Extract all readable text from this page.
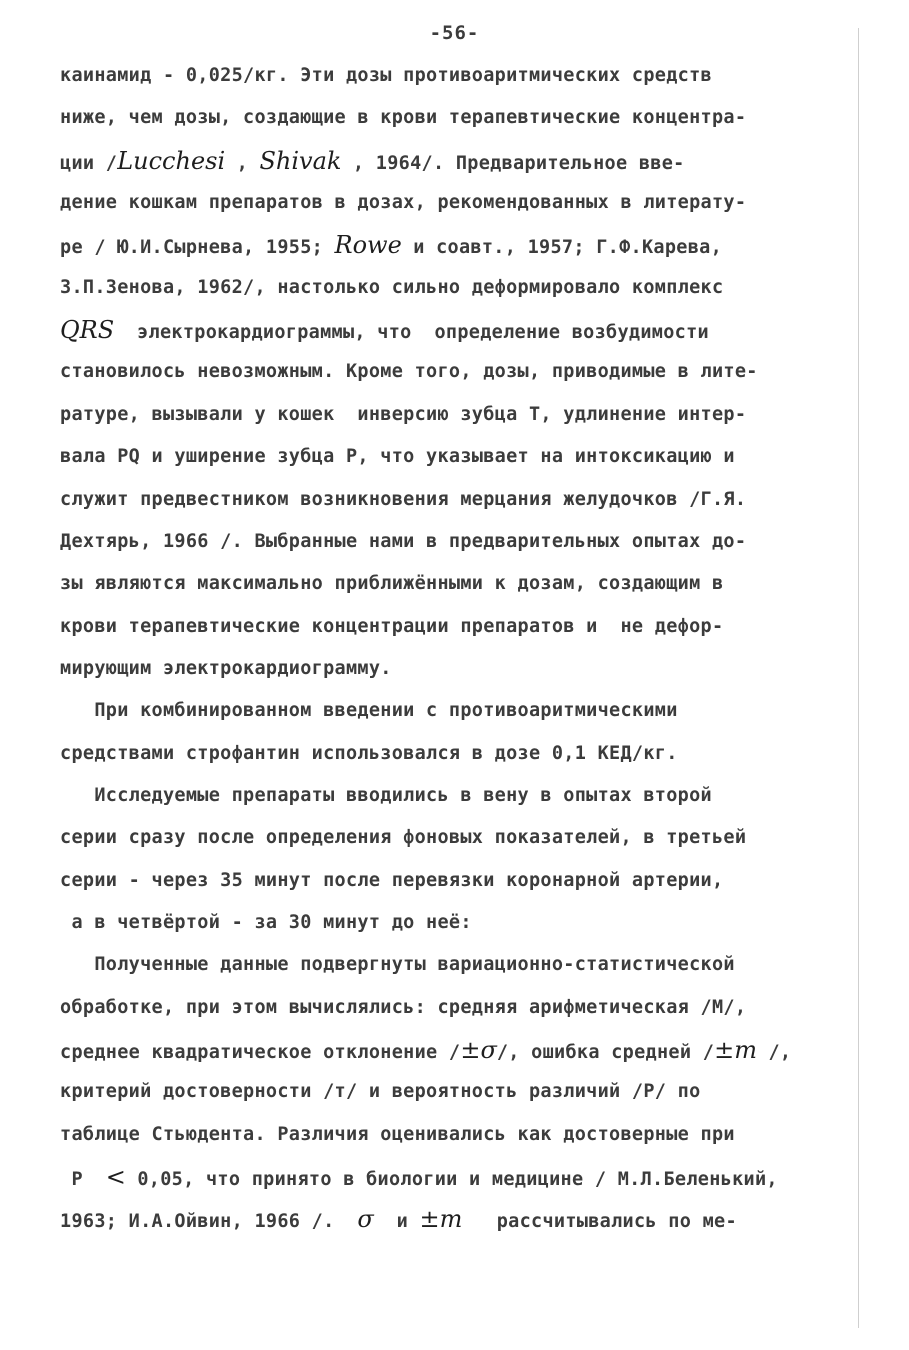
-56-
каинамид - 0,025/кг. Эти дозы противоаритмических средств
ниже, чем дозы, создающие в крови терапевтические концентра-
ции /Lucchesi , Shivak , 1964/. Предварительное вве-
дение кошкам препаратов в дозах, рекомендованных в литерату-
ре / Ю.И.Сырнева, 1955; Rowe и соавт., 1957; Г.Ф.Карева,
З.П.Зенова, 1962/, настолько сильно деформировало комплекс
QRS  электрокардиограммы, что  определение возбудимости
становилось невозможным. Кроме того, дозы, приводимые в лите-
ратуре, вызывали у кошек  инверсию зубца Т, удлинение интер-
вала PQ и уширение зубца Р, что указывает на интоксикацию и
служит предвестником возникновения мерцания желудочков /Г.Я.
Дехтярь, 1966 /. Выбранные нами в предварительных опытах до-
зы являются максимально приближёнными к дозам, создающим в
крови терапевтические концентрации препаратов и  не дефор-
мирующим электрокардиограмму.
При комбинированном введении с противоаритмическими
средствами строфантин использовался в дозе 0,1 КЕД/кг.
Исследуемые препараты вводились в вену в опытах второй
серии сразу после определения фоновых показателей, в третьей
серии - через 35 минут после перевязки коронарной артерии,
а в четвёртой - за 30 минут до неё:
Полученные данные подвергнуты вариационно-статистической
обработке, при этом вычислялись: средняя арифметическая /М/,
среднее квадратическое отклонение /±σ/, ошибка средней /±m /,
критерий достоверности /т/ и вероятность различий /Р/ по
таблице Стьюдента. Различия оценивались как достоверные при
Р  < 0,05, что принято в биологии и медицине / М.Л.Беленький,
1963; И.А.Ойвин, 1966 /.  σ  и ±m   рассчитывались по ме-
